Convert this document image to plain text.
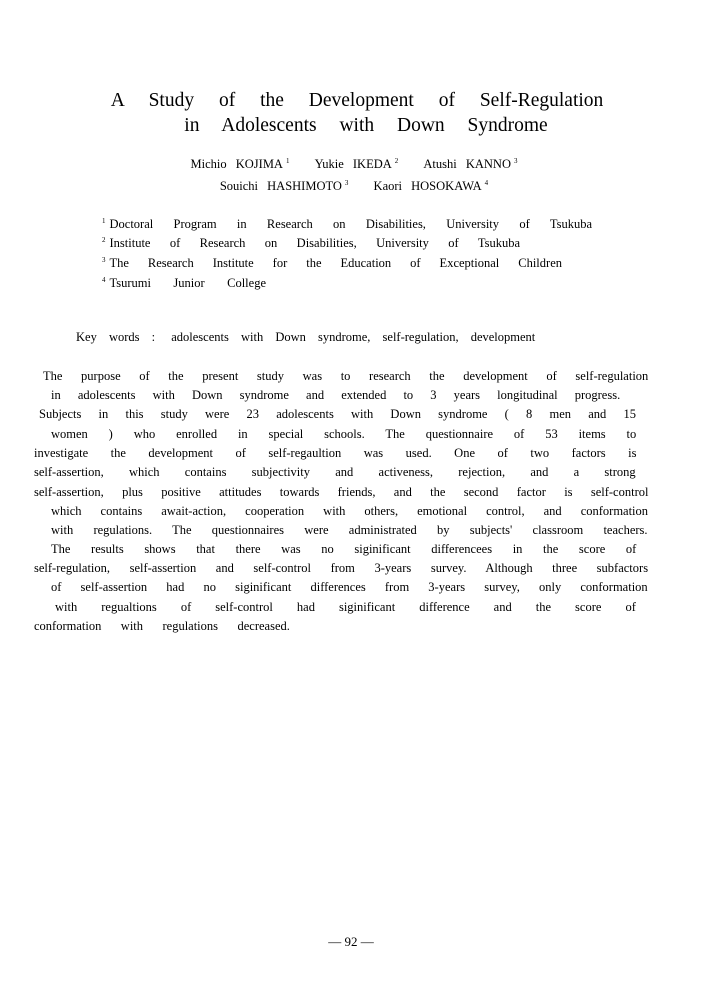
A Study of the Development of Self-Regulation
in Adolescents with Down Syndrome
Michio KOJIMA $^1$ Yukie IKEDA $^2$ Atushi KANNO $^3$
Souichi HASHIMOTO $^3$ Kaori HOSOKAWA $^4$
$^1$ Doctoral Program in Research on Disabilities, University of Tsukuba
$^2$ Institute of Research on Disabilities, University of Tsukuba
$^3$ The Research Institute for the Education of Exceptional Children
$^4$ Tsurumi Junior College
Key words : adolescents with Down syndrome, self-regulation, development
The purpose of the present study was to research the development of self-regulation
in adolescents with Down syndrome and extended to 3 years longitudinal progress.
Subjects in this study were 23 adolescents with Down syndrome ( 8 men and 15
women ) who enrolled in special schools. The questionnaire of 53 items to
investigate the development of self-regaultion was used. One of two factors is
self-assertion, which contains subjectivity and activeness, rejection, and a strong
self-assertion, plus positive attitudes towards friends, and the second factor is self-control
which contains await-action, cooperation with others, emotional control, and conformation
with regulations. The questionnaires were administrated by subjects' classroom teachers.
The results shows that there was no siginificant differencees in the score of
self-regulation, self-assertion and self-control from 3-years survey. Although three subfactors
of self-assertion had no siginificant differences from 3-years survey, only conformation
with regualtions of self-control had siginificant difference and the score of
conformation with regulations decreased.
— 92 —
